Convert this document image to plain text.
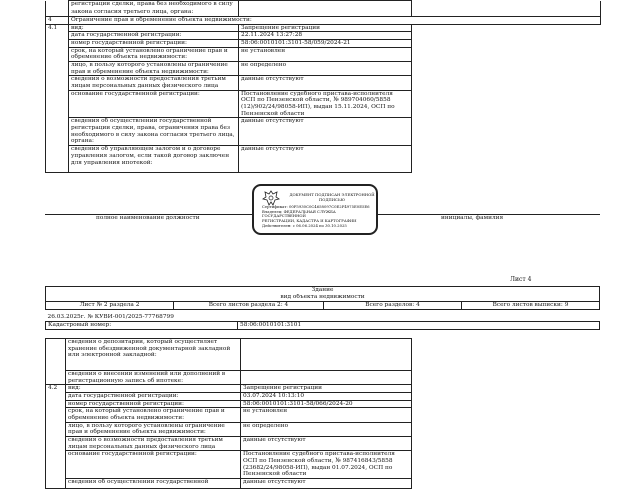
	регистрации сделки, права без необходимого в силу
закона согласия третьего лица, органа:		
4	Ограничение прав и обременение объекта недвижимости:		
4.1	вид:	Запрещение регистрации	
	дата государственной регистрации:	22.11.2024 13:27:28	
	номер государственной регистрации:	58:06:0010101:3101-58/059/2024-21	
	срок, на который установлено ограничение прав и обременение объекта недвижимости:	не установлен	
	лицо, в пользу которого установлены ограничение прав и обременение объекта недвижимости:	не определено	
	сведения о возможности предоставления третьим лицам персональных данных физического лица	данные отсутствуют	
	основание государственной регистрации:	Постановление судебного пристава-исполнителя ОСП по Пензенской области, № 989704060/5858 (12)/902/24/98058-ИП), выдан 15.11.2024, ОСП по Пензенской области	
	сведения об осуществлении государственной регистрации сделки, права, ограничения права без необходимого в силу закона согласия третьего лица, органа:	данные отсутствуют	
	сведения об управляющем залогом и о договоре управления залогом, если такой договор заключен для управления ипотекой:	данные отсутствуют	
полное наименование должности	инициалы, фамилия
ДОКУМЕНТ ПОДПИСАН ЭЛЕКТРОННОЙ ПОДПИСЬЮ
Сертификат: 00F5930C0C4658097C0E2F4975E0E5E6
Владелец: ФЕДЕРАЛЬНАЯ СЛУЖБА ГОСУДАРСТВЕННОЙ
РЕГИСТРАЦИИ, КАДАСТРА И КАРТОГРАФИИ
Действителен: с 06.06.2024 по 30.10.2025
Лист 4
Здание
вид объекта недвижимости
Лист № 2 раздела 2	Всего листов раздела 2: 4	Всего разделов: 4	Всего листов выписки: 9
26.03.2025г. № КУВИ-001/2025-77768799	
Кадастровый номер:	58:06:0010101:3101
	сведения о депозитарии, который осуществляет хранение обездвиженной документарной закладной или электронной закладной:		
	сведения о внесении изменений или дополнений в регистрационную запись об ипотеке:		
4.2	вид:	Запрещение регистрации	
	дата государственной регистрации:	03.07.2024 10:13:10	
	номер государственной регистрации:	58:06:0010101:3101-58/066/2024-20	
	срок, на который установлено ограничение прав и обременение объекта недвижимости:	не установлен	
	лицо, в пользу которого установлены ограничение прав и обременение объекта недвижимости:	не определено	
	сведения о возможности предоставления третьим лицам персональных данных физического лица	данные отсутствуют	
	основание государственной регистрации:	Постановление судебного пристава-исполнителя ОСП по Пензенской области, № 987416843/5858 (23682/24/98058-ИП), выдан 01.07.2024, ОСП по Пензенской области	
	сведения об осуществлении государственной	данные отсутствуют	
